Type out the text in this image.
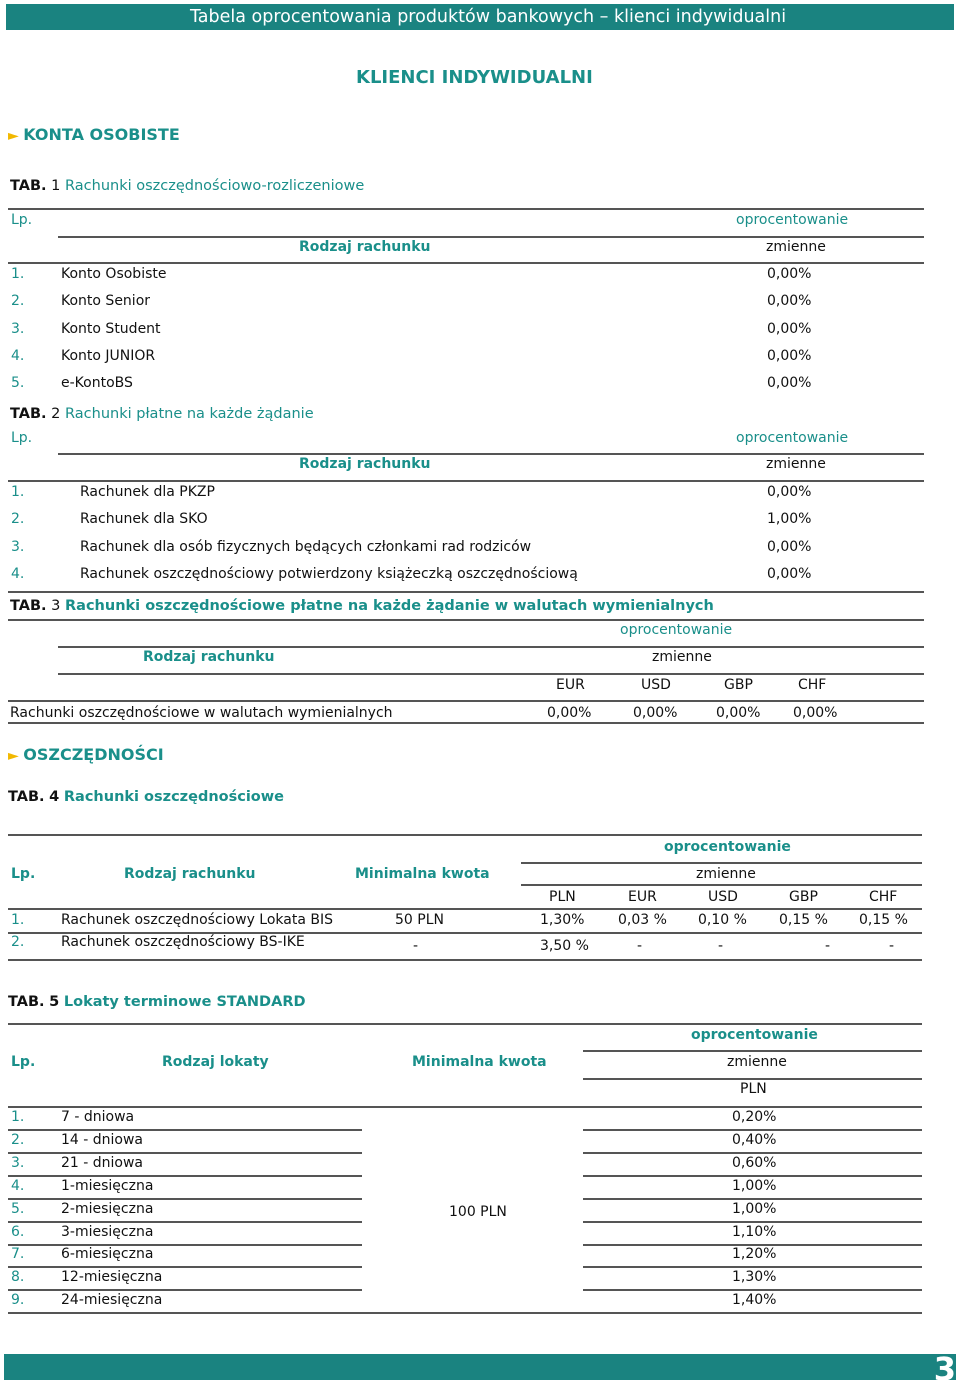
Tabela oprocentowania produktów bankowych – klienci indywidualni
KLIENCI INDYWIDUALNI
► KONTA OSOBISTE
TAB. 1 Rachunki oszczędnościowo-rozliczeniowe
Lp.	oprocentowanie
Rodzaj rachunku	zmienne
1.	Konto Osobiste	0,00%
2.	Konto Senior	0,00%
3.	Konto Student	0,00%
4.	Konto JUNIOR	0,00%
5.	e-KontoBS	0,00%
TAB. 2 Rachunki płatne na każde żądanie
Lp.	oprocentowanie
Rodzaj rachunku	zmienne
1.	Rachunek dla PKZP	0,00%
2.	Rachunek dla SKO	1,00%
3.	Rachunek dla osób fizycznych będących członkami rad rodziców	0,00%
4.	Rachunek oszczędnościowy potwierdzony książeczką oszczędnościową	0,00%
TAB. 3 Rachunki oszczędnościowe płatne na każde żądanie w walutach wymienialnych
oprocentowanie
Rodzaj rachunku	zmienne
EUR	USD	GBP	CHF
Rachunki oszczędnościowe w walutach wymienialnych	0,00%	0,00%	0,00% 0,00%
► OSZCZĘDNOŚCI
TAB. 4 Rachunki oszczędnościowe
oprocentowanie
Lp.	Rodzaj rachunku	Minimalna kwota	zmienne
PLN	EUR	USD	GBP	CHF
1.	Rachunek oszczędnościowy Lokata BIS	50 PLN	1,30% 0,03 % 0,10 % 0,15 % 0,15 %
2.	Rachunek oszczędnościowy BS-IKE	-	3,50 %	-	-	-	-
TAB. 5 Lokaty terminowe STANDARD
oprocentowanie
Lp.	Rodzaj lokaty	Minimalna kwota	zmienne
PLN
1.	7 - dniowa	0,20%
2.	14 - dniowa	0,40%
3.	21 - dniowa	0,60%
4.	1-miesięczna	1,00%
5.	2-miesięczna	1,00%
6.	3-miesięczna	1,10%
7.	6-miesięczna	1,20%
8.	12-miesięczna	1,30%
9.	24-miesięczna	1,40%
100 PLN
3
